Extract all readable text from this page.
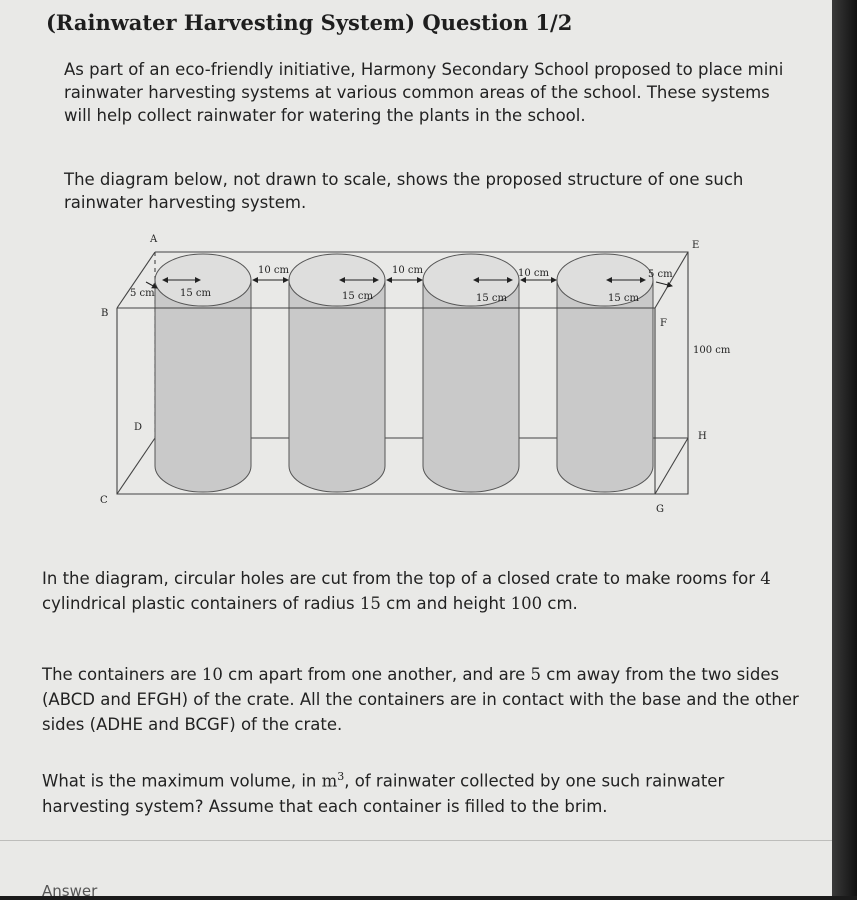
(Rainwater Harvesting System) Question 1/2
As part of an eco-friendly initiative, Harmony Secondary School proposed to place mini rainwater harvesting systems at various common areas of the school. These systems will help collect rainwater for watering the plants in the school.
The diagram below, not drawn to scale, shows the proposed structure of one such rainwater harvesting system.
10 cm	10 cm	10 cm
5 cm
5 cm
15 cm	15 cm	15 cm	15 cm
100 cm
A
E
B
F
D
H
C
G
In the diagram, circular holes are cut from the top of a closed crate to make rooms for 4 cylindrical plastic containers of radius 15 cm and height 100 cm.
The containers are 10 cm apart from one another, and are 5 cm away from the two sides (ABCD and EFGH) of the crate. All the containers are in contact with the base and the other sides (ADHE and BCGF) of the crate.
What is the maximum volume, in $m^3$, of rainwater collected by one such rainwater harvesting system? Assume that each container is filled to the brim.
Answer
